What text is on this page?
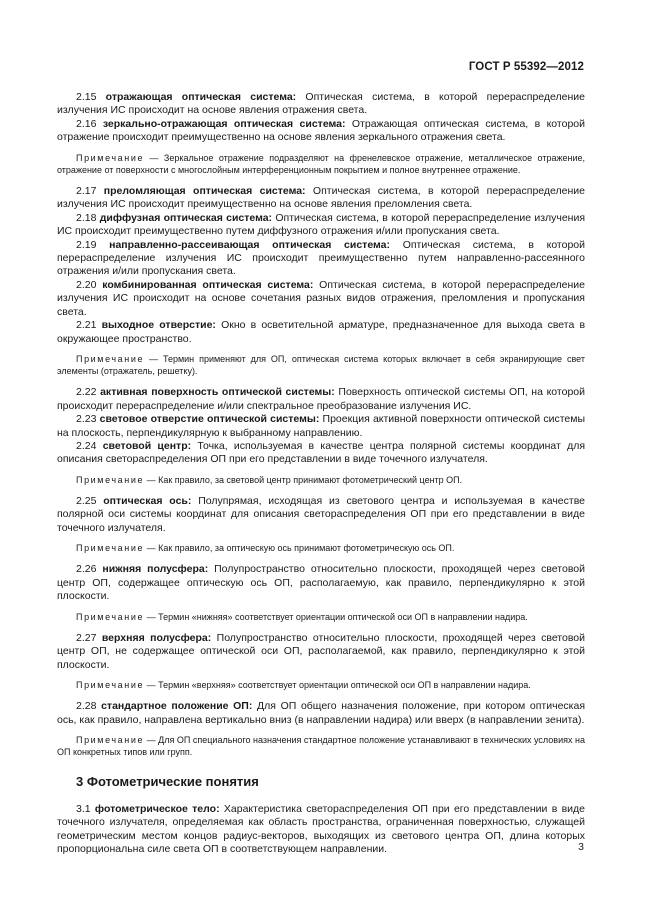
ГОСТ Р 55392—2012

2.15 отражающая оптическая система: Оптическая система, в которой перераспределение излучения ИС происходит на основе явления отражения света.

2.16 зеркально-отражающая оптическая система: Отражающая оптическая система, в которой отражение происходит преимущественно на основе явления зеркального отражения света.

Примечание — Зеркальное отражение подразделяют на френелевское отражение, металлическое отражение, отражение от поверхности с многослойным интерференционным покрытием и полное внутреннее отражение.

2.17 преломляющая оптическая система: Оптическая система, в которой перераспределение излучения ИС происходит преимущественно на основе явления преломления света.

2.18 диффузная оптическая система: Оптическая система, в которой перераспределение излучения ИС происходит преимущественно путем диффузного отражения и/или пропускания света.

2.19 направленно-рассеивающая оптическая система: Оптическая система, в которой перераспределение излучения ИС происходит преимущественно путем направленно-рассеянного отражения и/или пропускания света.

2.20 комбинированная оптическая система: Оптическая система, в которой перераспределение излучения ИС происходит на основе сочетания разных видов отражения, преломления и пропускания света.

2.21 выходное отверстие: Окно в осветительной арматуре, предназначенное для выхода света в окружающее пространство.

Примечание — Термин применяют для ОП, оптическая система которых включает в себя экранирующие свет элементы (отражатель, решетку).

2.22 активная поверхность оптической системы: Поверхность оптической системы ОП, на которой происходит перераспределение и/или спектральное преобразование излучения ИС.

2.23 световое отверстие оптической системы: Проекция активной поверхности оптической системы на плоскость, перпендикулярную к выбранному направлению.

2.24 световой центр: Точка, используемая в качестве центра полярной системы координат для описания светораспределения ОП при его представлении в виде точечного излучателя.

Примечание — Как правило, за световой центр принимают фотометрический центр ОП.

2.25 оптическая ось: Полупрямая, исходящая из светового центра и используемая в качестве полярной оси системы координат для описания светораспределения ОП при его представлении в виде точечного излучателя.

Примечание — Как правило, за оптическую ось принимают фотометрическую ось ОП.

2.26 нижняя полусфера: Полупространство относительно плоскости, проходящей через световой центр ОП, содержащее оптическую ось ОП, располагаемую, как правило, перпендикулярно к этой плоскости.

Примечание — Термин «нижняя» соответствует ориентации оптической оси ОП в направлении надира.

2.27 верхняя полусфера: Полупространство относительно плоскости, проходящей через световой центр ОП, не содержащее оптической оси ОП, располагаемой, как правило, перпендикулярно к этой плоскости.

Примечание — Термин «верхняя» соответствует ориентации оптической оси ОП в направлении надира.

2.28 стандартное положение ОП: Для ОП общего назначения положение, при котором оптическая ось, как правило, направлена вертикально вниз (в направлении надира) или вверх (в направлении зенита).

Примечание — Для ОП специального назначения стандартное положение устанавливают в технических условиях на ОП конкретных типов или групп.

3 Фотометрические понятия

3.1 фотометрическое тело: Характеристика светораспределения ОП при его представлении в виде точечного излучателя, определяемая как область пространства, ограниченная поверхностью, служащей геометрическим местом концов радиус-векторов, выходящих из светового центра ОП, длина которых пропорциональна силе света ОП в соответствующем направлении.	3
